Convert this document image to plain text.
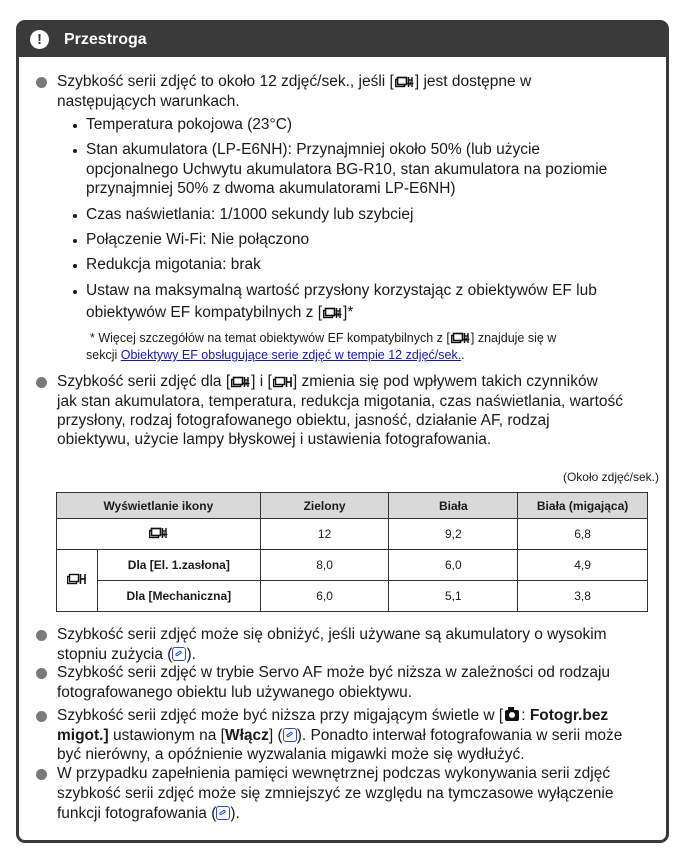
!	Przestroga

Szybkość serii zdjęć to około 12 zdjęć/sek., jeśli [ ] jest dostępne w

następujących warunkach.

Temperatura pokojowa (23°C)

Stan akumulatora (LP-E6NH): Przynajmniej około 50% (lub użycie

opcjonalnego Uchwytu akumulatora BG-R10, stan akumulatora na poziomie

przynajmniej 50% z dwoma akumulatorami LP-E6NH)

Czas naświetlania: 1/1000 sekundy lub szybciej

Połączenie Wi-Fi: Nie połączono

Redukcja migotania: brak

Ustaw na maksymalną wartość przysłony korzystając z obiektywów EF lub

obiektywów EF kompatybilnych z [ ]*

* Więcej szczegółów na temat obiektywów EF kompatybilnych z [ ] znajduje się w

sekcji Obiektywy EF obsługujące serie zdjęć w tempie 12 zdjęć/sek..

Szybkość serii zdjęć dla [ ] i [ ] zmienia się pod wpływem takich czynników

jak stan akumulatora, temperatura, redukcja migotania, czas naświetlania, wartość

przysłony, rodzaj fotografowanego obiektu, jasność, działanie AF, rodzaj

obiektywu, użycie lampy błyskowej i ustawienia fotografowania.

(Około zdjęć/sek.)
Wyświetlanie ikony		Zielony	Biała	Biała (migająca)
	12	9,2	6,8
	Dla [El. 1.zasłona]	8,0	6,0	4,9
	Dla [Mechaniczna]	6,0	5,1	3,8

Szybkość serii zdjęć może się obniżyć, jeśli używane są akumulatory o wysokim

stopniu zużycia ( ).

Szybkość serii zdjęć w trybie Servo AF może być niższa w zależności od rodzaju

fotografowanego obiektu lub używanego obiektywu.

Szybkość serii zdjęć może być niższa przy migającym świetle w [ : Fotogr.bez

migot.] ustawionym na [Włącz] ( ). Ponadto interwał fotografowania w serii może

być nierówny, a opóźnienie wyzwalania migawki może się wydłużyć.

W przypadku zapełnienia pamięci wewnętrznej podczas wykonywania serii zdjęć

szybkość serii zdjęć może się zmniejszyć ze względu na tymczasowe wyłączenie

funkcji fotografowania ( ).
